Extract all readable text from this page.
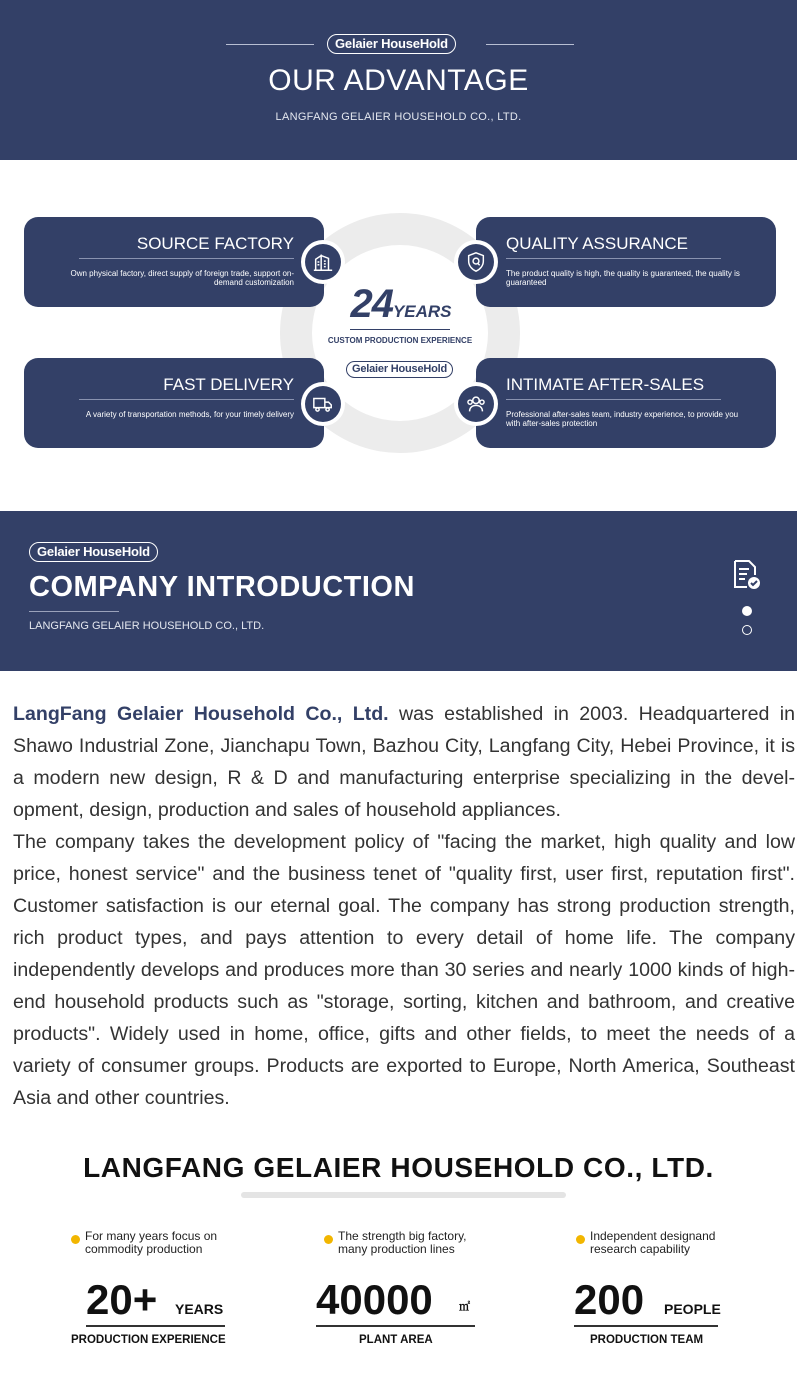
Gelaier HouseHold
OUR ADVANTAGE
LANGFANG GELAIER HOUSEHOLD CO., LTD.
24YEARS
CUSTOM PRODUCTION EXPERIENCE
Gelaier HouseHold
SOURCE FACTORY
Own physical factory, direct supply of foreign trade, support on-demand customization
QUALITY ASSURANCE
The product quality is high, the quality is guaranteed, the quality is guaranteed
FAST DELIVERY
A variety of transportation methods, for your timely delivery
INTIMATE AFTER-SALES
Professional after-sales team, industry experience, to provide you with after-sales protection
Gelaier HouseHold
COMPANY INTRODUCTION
LANGFANG GELAIER HOUSEHOLD CO., LTD.

LangFang Gelaier Household Co., Ltd. was established in 2003. Headquartered in Shawo Industrial Zone, Jianchapu Town, Bazhou City, Langfang City, Hebei Province, it is a modern new design, R & D and manufacturing enterprise specializing in the development, design, production and sales of household appliances.

The company takes the development policy of "facing the market, high quality and low price, honest service" and the business tenet of "quality first, user first, reputation first". Customer satisfaction is our eternal goal. The company has strong production strength, rich product types, and pays attention to every detail of home life. The company independently develops and produces more than 30 series and nearly 1000 kinds of high-end household products such as "storage, sorting, kitchen and bathroom, and creative products". Widely used in home, office, gifts and other fields, to meet the needs of a variety of consumer groups. Products are exported to Europe, North America, Southeast Asia and other countries.

LANGFANG GELAIER HOUSEHOLD CO., LTD.
For many years focus on
commodity production
20+ YEARS
PRODUCTION EXPERIENCE
The strength big factory,
many production lines
40000 ㎡
PLANT AREA
Independent designand
research capability
200 PEOPLE
PRODUCTION TEAM
